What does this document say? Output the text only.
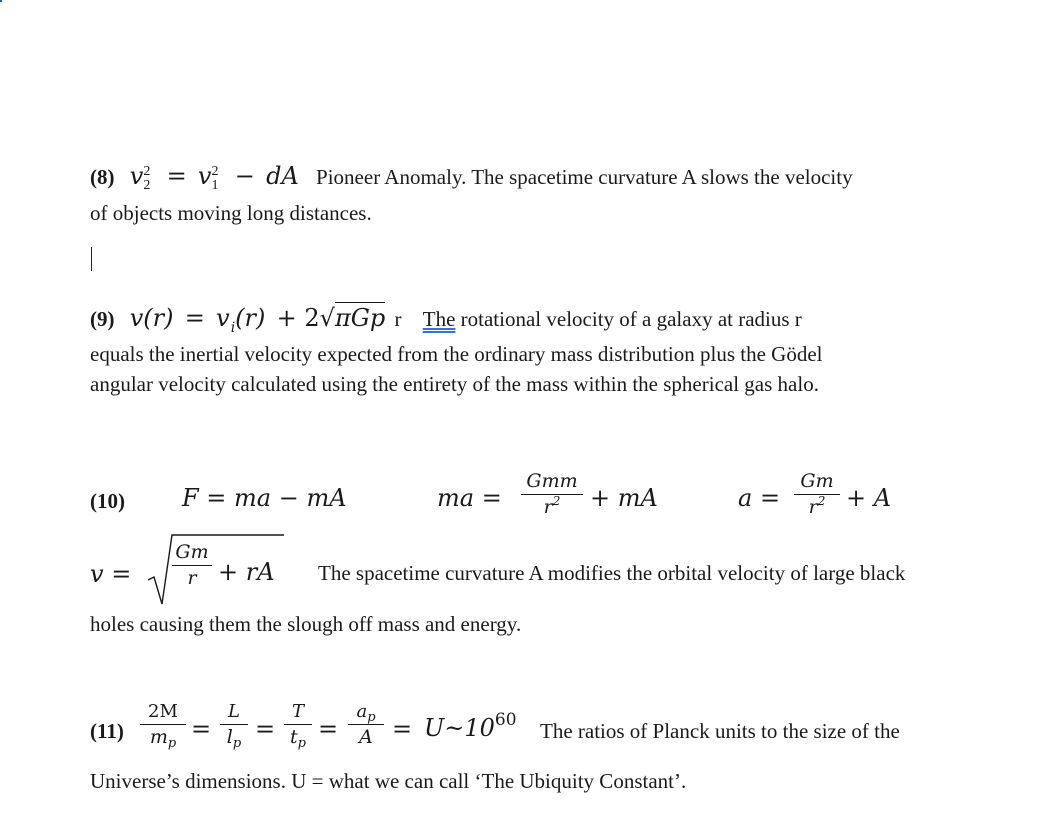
(8) v 2
2 = v 2
1 − dA Pioneer Anomaly. The spacetime curvature A slows the velocity
of objects moving long distances.
(9) $v(r) = v_i(r) + 2√\pi Gp$ r The rotational velocity of a galaxy at radius r
equals the inertial velocity expected from the ordinary mass distribution plus the Gödel
angular velocity calculated using the entirety of the mass within the spherical gas halo.
(10) F = ma − mA	ma =
Gmm
$r^2$	+ mA	a =
Gm
$r^2 + A$
v =
Gm
r + rA The spacetime curvature A modifies the orbital velocity of large black
holes causing them the slough off mass and energy.
(11)
2M
$m_p$
=
L
$l_p$
=
T
$t_p$
=
$a_p$
$A = U\sim 10^{60}$ The ratios of Planck units to the size of the
Universe’s dimensions. U = what we can call ‘The Ubiquity Constant’.
